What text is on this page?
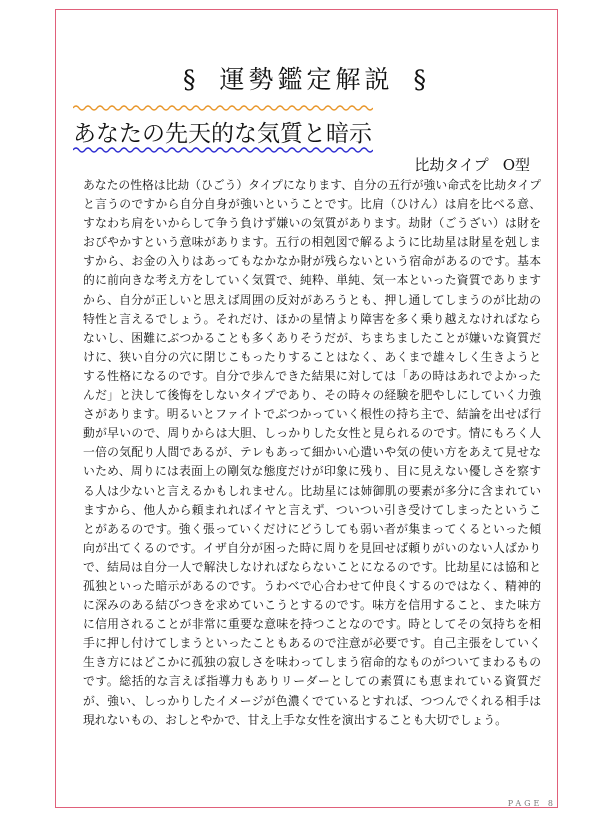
§ 運勢鑑定解説 §
あなたの先天的な気質と暗示
比劫タイプ O型
あなたの性格は比劫（ひごう）タイプになります、自分の五行が強い命式を比劫タイプと言うのですから自分自身が強いということです。比肩（ひけん）は肩を比べる意、すなわち肩をいからして争う負けず嫌いの気質があります。劫財（ごうざい）は財をおびやかすという意味があります。五行の相剋図で解るように比劫星は財星を剋しますから、お金の入りはあってもなかなか財が残らないという宿命があるのです。基本的に前向きな考え方をしていく気質で、純粋、単純、気一本といった資質でありますから、自分が正しいと思えば周囲の反対があろうとも、押し通してしまうのが比劫の特性と言えるでしょう。それだけ、ほかの星情より障害を多く乗り越えなければならないし、困難にぶつかることも多くありそうだが、ちまちましたことが嫌いな資質だけに、狭い自分の穴に閉じこもったりすることはなく、あくまで雄々しく生きようとする性格になるのです。自分で歩んできた結果に対しては「あの時はあれでよかったんだ」と決して後悔をしないタイプであり、その時々の経験を肥やしにしていく力強さがあります。明るいとファイトでぶつかっていく根性の持ち主で、結論を出せば行動が早いので、周りからは大胆、しっかりした女性と見られるのです。情にもろく人一倍の気配り人間であるが、テレもあって細かい心遣いや気の使い方をあえて見せないため、周りには表面上の剛気な態度だけが印象に残り、目に見えない優しさを察する人は少ないと言えるかもしれません。比劫星には姉御肌の要素が多分に含まれていますから、他人から頼まれればイヤと言えず、ついつい引き受けてしまったということがあるのです。強く張っていくだけにどうしても弱い者が集まってくるといった傾向が出てくるのです。イザ自分が困った時に周りを見回せば頼りがいのない人ばかりで、結局は自分一人で解決しなければならないことになるのです。比劫星には協和と孤独といった暗示があるのです。うわべで心合わせて仲良くするのではなく、精神的に深みのある結びつきを求めていこうとするのです。味方を信用すること、また味方に信用されることが非常に重要な意味を持つことなのです。時としてその気持ちを相手に押し付けてしまうといったこともあるので注意が必要です。自己主張をしていく生き方にはどこかに孤独の寂しさを味わってしまう宿命的なものがついてまわるものです。総括的な言えば指導力もありリーダーとしての素質にも恵まれている資質だが、強い、しっかりしたイメージが色濃くでているとすれば、つつんでくれる相手は現れないもの、おしとやかで、甘え上手な女性を演出することも大切でしょう。
PAGE 8
